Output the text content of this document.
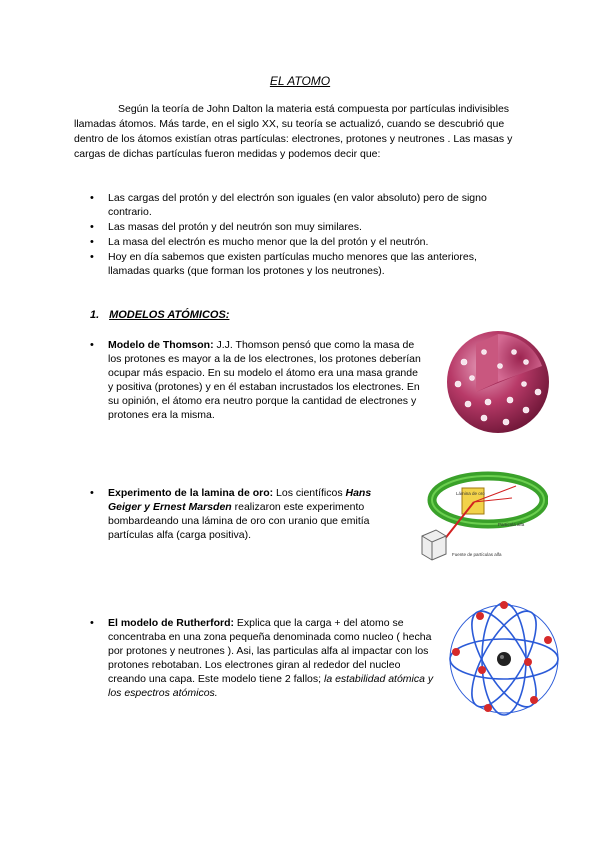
EL ATOMO
Según la teoría de John Dalton la materia está compuesta por partículas indivisibles llamadas átomos. Más tarde, en el siglo XX, su teoría se actualizó, cuando se descubrió que dentro de los átomos existían otras partículas: electrones, protones y neutrones . Las masas y cargas de dichas partículas fueron medidas y podemos decir que:
• Las cargas del protón y del electrón son iguales (en valor absoluto) pero de signo contrario.
• Las masas del protón y del neutrón son muy similares.
• La masa del electrón es mucho menor que la del protón y el neutrón.
• Hoy en día sabemos que existen partículas mucho menores que las anteriores, llamadas quarks (que forman los protones y los neutrones).
1. MODELOS ATÓMICOS:
• Modelo de Thomson: J.J. Thomson pensó que como la masa de los protones es mayor a la de los electrones, los protones deberían ocupar más espacio. En su modelo el átomo era una masa grande y positiva (protones) y en él estaban incrustados los electrones. En su opinión, el átomo era neutro porque la cantidad de electrones y protones era la misma.
• Experimento de la lamina de oro: Los científicos Hans Geiger y Ernest Marsden realizaron este experimento bombardeando una lámina de oro con uranio que emitía partículas alfa (carga positiva).
Lámina de oro
Partícula alfa
Fuente de partículas alfa
• El modelo de Rutherford: Explica que la carga + del atomo se concentraba en una zona pequeña denominada como nucleo ( hecha por protones y neutrones ). Asi, las particulas alfa al impactar con los protones rebotaban. Los electrones giran al rededor del nucleo creando una capa. Este modelo tiene 2 fallos; la estabilidad atómica y los espectros atómicos.
